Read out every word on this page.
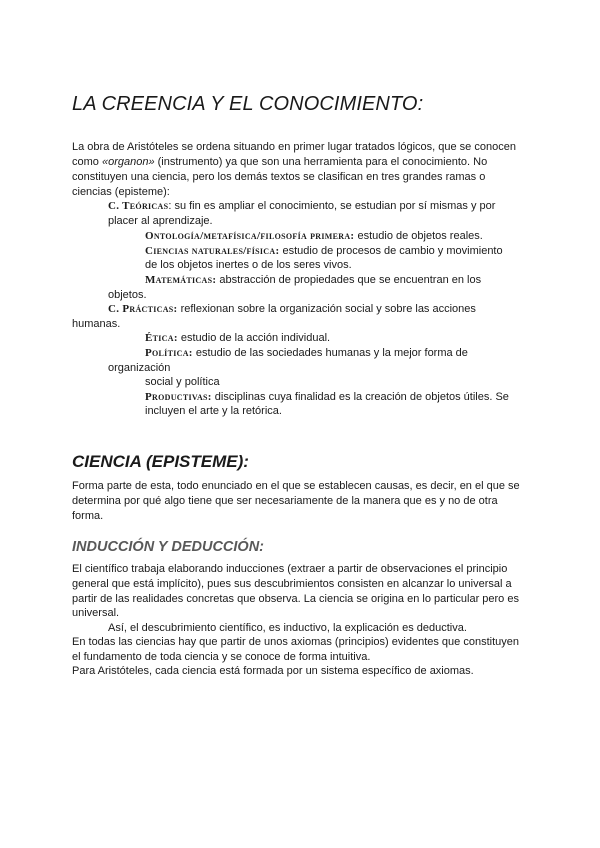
LA CREENCIA Y EL CONOCIMIENTO:

La obra de Aristóteles se ordena situando en primer lugar tratados lógicos, que se conocen

como «organon» (instrumento) ya que son una herramienta para el conocimiento. No

constituyen una ciencia, pero los demás textos se clasifican en tres grandes ramas o

ciencias (episteme):

C. Teóricas: su fin es ampliar el conocimiento, se estudian por sí mismas y por

placer al aprendizaje.

Ontología/metafísica/filosofía primera: estudio de objetos reales.

Ciencias naturales/física: estudio de procesos de cambio y movimiento

de los objetos inertes o de los seres vivos.

Matemáticas: abstracción de propiedades que se encuentran en los

objetos.

C. Prácticas: reflexionan sobre la organización social y sobre las acciones

humanas.

Ética: estudio de la acción individual.

Política: estudio de las sociedades humanas y la mejor forma de

organización

social y política

Productivas: disciplinas cuya finalidad es la creación de objetos útiles. Se

incluyen el arte y la retórica.

CIENCIA (EPISTEME):

Forma parte de esta, todo enunciado en el que se establecen causas, es decir, en el que se

determina por qué algo tiene que ser necesariamente de la manera que es y no de otra

forma.

INDUCCIÓN Y DEDUCCIÓN:

El científico trabaja elaborando inducciones (extraer a partir de observaciones el principio

general que está implícito), pues sus descubrimientos consisten en alcanzar lo universal a

partir de las realidades concretas que observa. La ciencia se origina en lo particular pero es

universal.

Así, el descubrimiento científico, es inductivo, la explicación es deductiva.

En todas las ciencias hay que partir de unos axiomas (principios) evidentes que constituyen

el fundamento de toda ciencia y se conoce de forma intuitiva.

Para Aristóteles, cada ciencia está formada por un sistema específico de axiomas.
